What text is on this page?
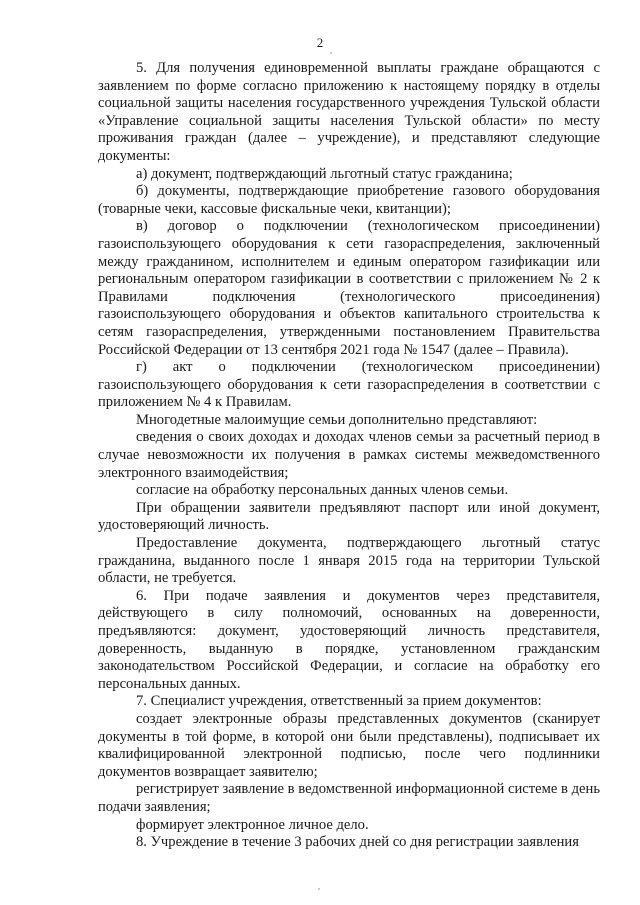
2

5. Для получения единовременной выплаты граждане обращаются с заявлением по форме согласно приложению к настоящему порядку в отделы социальной защиты населения государственного учреждения Тульской области «Управление социальной защиты населения Тульской области» по месту проживания граждан (далее – учреждение), и представляют следующие документы:

а) документ, подтверждающий льготный статус гражданина;

б) документы, подтверждающие приобретение газового оборудования (товарные чеки, кассовые фискальные чеки, квитанции);

в) договор о подключении (технологическом присоединении) газоиспользующего оборудования к сети газораспределения, заключенный между гражданином, исполнителем и единым оператором газификации или региональным оператором газификации в соответствии с приложением № 2 к Правилами подключения (технологического присоединения) газоиспользующего оборудования и объектов капитального строительства к сетям газораспределения, утвержденными постановлением Правительства Российской Федерации от 13 сентября 2021 года № 1547 (далее – Правила).

г) акт о подключении (технологическом присоединении) газоиспользующего оборудования к сети газораспределения в соответствии с приложением № 4 к Правилам.

Многодетные малоимущие семьи дополнительно представляют:

сведения о своих доходах и доходах членов семьи за расчетный период в случае невозможности их получения в рамках системы межведомственного электронного взаимодействия;

согласие на обработку персональных данных членов семьи.

При обращении заявители предъявляют паспорт или иной документ, удостоверяющий личность.

Предоставление документа, подтверждающего льготный статус гражданина, выданного после 1 января 2015 года на территории Тульской области, не требуется.

6. При подаче заявления и документов через представителя, действующего в силу полномочий, основанных на доверенности, предъявляются: документ, удостоверяющий личность представителя, доверенность, выданную в порядке, установленном гражданским законодательством Российской Федерации, и согласие на обработку его персональных данных.

7. Специалист учреждения, ответственный за прием документов:

создает электронные образы представленных документов (сканирует документы в той форме, в которой они были представлены), подписывает их квалифицированной электронной подписью, после чего подлинники документов возвращает заявителю;

регистрирует заявление в ведомственной информационной системе в день подачи заявления;

формирует электронное личное дело.

8. Учреждение в течение 3 рабочих дней со дня регистрации заявления
